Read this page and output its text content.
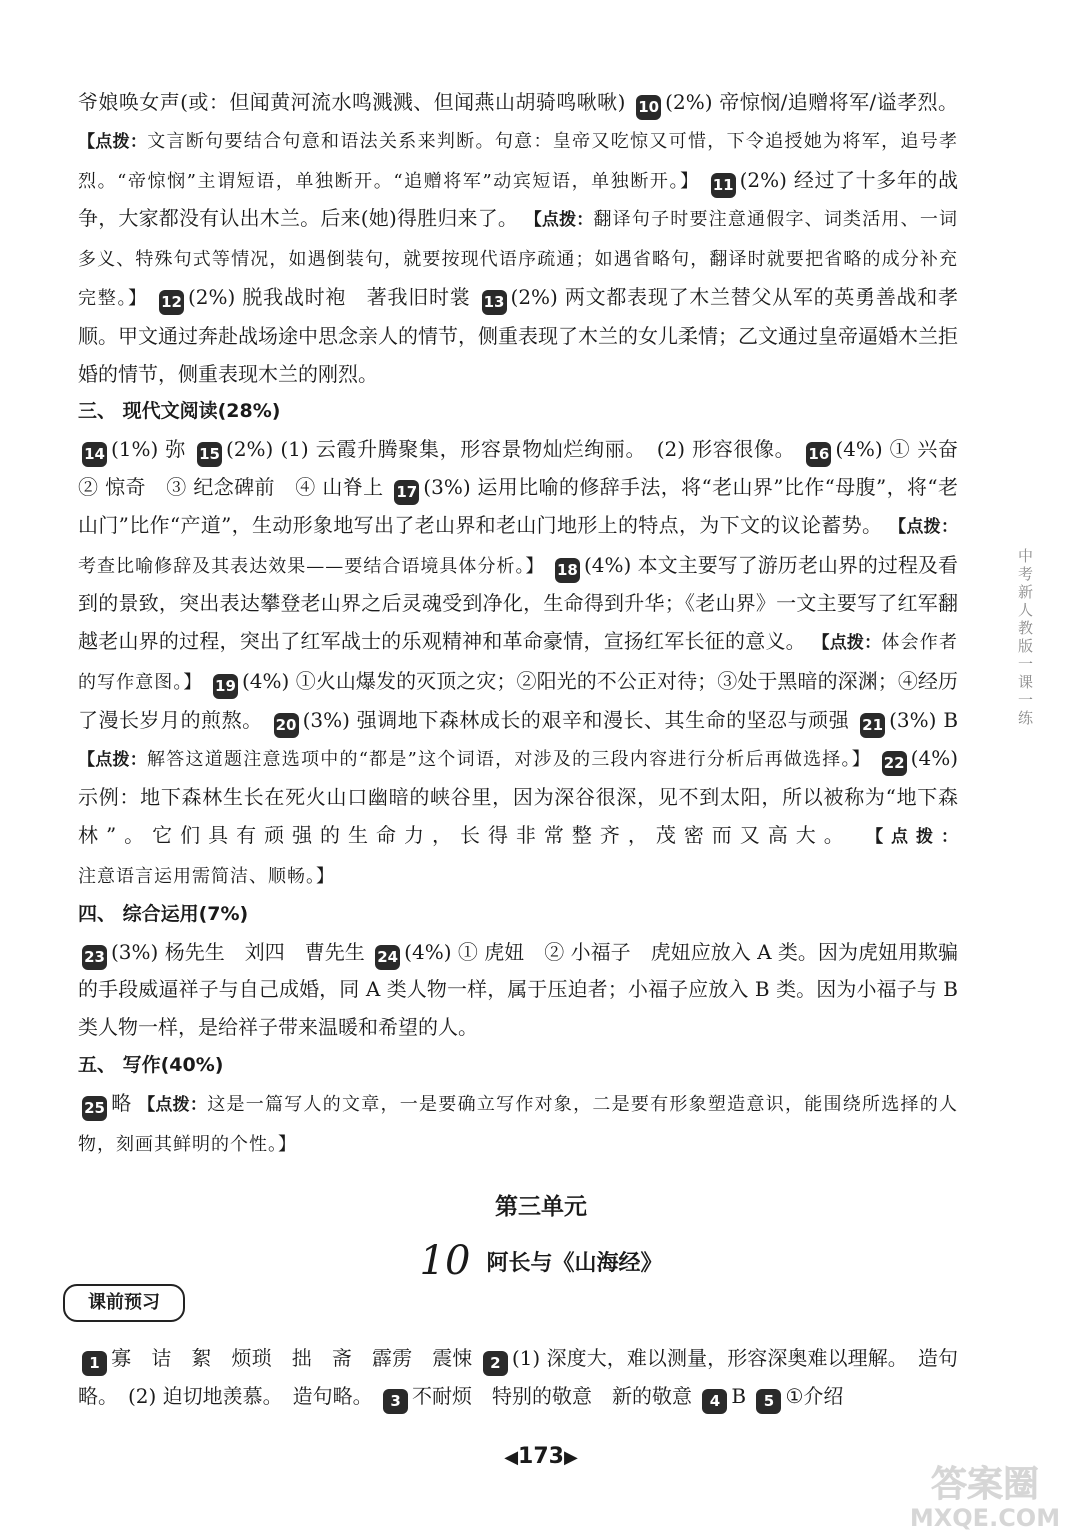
爷娘唤女声(或：但闻黄河流水鸣溅溅、但闻燕山胡骑鸣啾啾) 10 (2%) 帝惊悯/追赠将军/谥孝烈。 【点拨：文言断句要结合句意和语法关系来判断。句意：皇帝又吃惊又可惜，下令追授她为将军，追号孝烈。“帝惊悯”主谓短语，单独断开。“追赠将军”动宾短语，单独断开。】 11 (2%) 经过了十多年的战争，大家都没有认出木兰。后来(她)得胜归来了。 【点拨：翻译句子时要注意通假字、词类活用、一词多义、特殊句式等情况，如遇倒装句，就要按现代语序疏通；如遇省略句，翻译时就要把省略的成分补充完整。】 12 (2%) 脱我战时袍　著我旧时裳 13 (2%) 两文都表现了木兰替父从军的英勇善战和孝顺。甲文通过奔赴战场途中思念亲人的情节，侧重表现了木兰的女儿柔情；乙文通过皇帝逼婚木兰拒婚的情节，侧重表现木兰的刚烈。

三、 现代文阅读(28%)

14 (1%) 弥 15 (2%) (1) 云霞升腾聚集，形容景物灿烂绚丽。　(2) 形容很像。 16 (4%) ① 兴奋　② 惊奇　③ 纪念碑前　④ 山脊上 17 (3%) 运用比喻的修辞手法，将“老山界”比作“母腹”，将“老山门”比作“产道”，生动形象地写出了老山界和老山门地形上的特点，为下文的议论蓄势。 【点拨：考查比喻修辞及其表达效果——要结合语境具体分析。】 18 (4%) 本文主要写了游历老山界的过程及看到的景致，突出表达攀登老山界之后灵魂受到净化，生命得到升华；《老山界》一文主要写了红军翻越老山界的过程，突出了红军战士的乐观精神和革命豪情，宣扬红军长征的意义。 【点拨：体会作者的写作意图。】 19 (4%) ①火山爆发的灭顶之灾；②阳光的不公正对待；③处于黑暗的深渊；④经历了漫长岁月的煎熬。 20 (3%) 强调地下森林成长的艰辛和漫长、其生命的坚忍与顽强 21 (3%) B 【点拨：解答这道题注意选项中的“都是”这个词语，对涉及的三段内容进行分析后再做选择。】 22 (4%) 示例：地下森林生长在死火山口幽暗的峡谷里，因为深谷很深，见不到太阳，所以被称为“地下森林”。它们具有顽强的生命力，长得非常整齐，茂密而又高大。 【点拨：注意语言运用需简洁、顺畅。】

四、 综合运用(7%)

23 (3%) 杨先生　刘四　曹先生 24 (4%) ① 虎妞　② 小福子　虎妞应放入 A 类。因为虎妞用欺骗的手段威逼祥子与自己成婚，同 A 类人物一样，属于压迫者；小福子应放入 B 类。因为小福子与 B 类人物一样，是给祥子带来温暖和希望的人。

五、 写作(40%)

25 略 【点拨：这是一篇写人的文章，一是要确立写作对象，二是要有形象塑造意识，能围绕所选择的人物，刻画其鲜明的个性。】

第三单元
10 阿长与《山海经》
课前预习
1 寡　诘　絮　烦琐　拙　斋　霹雳　震悚 2 (1) 深度大，难以测量，形容深奥难以理解。　造句略。　(2) 迫切地羡慕。　造句略。 3 不耐烦　特别的敬意　新的敬意 4 B 5 ①介绍
◀173▶
中考新人教版一课一练
答案圈
MXQE.COM
